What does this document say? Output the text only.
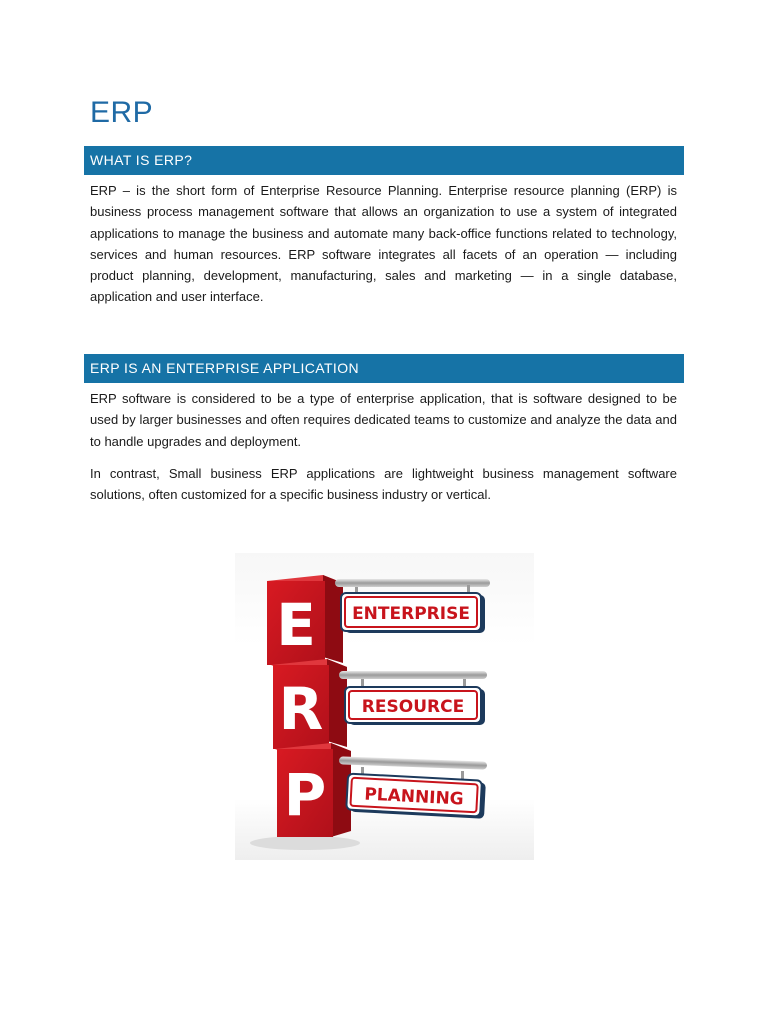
ERP
WHAT IS ERP?

ERP – is the short form of Enterprise Resource Planning. Enterprise resource planning (ERP) is business process management software that allows an organization to use a system of integrated applications to manage the business and automate many back-office functions related to technology, services and human resources. ERP software integrates all facets of an operation — including product planning, development, manufacturing, sales and marketing — in a single database, application and user interface.

ERP IS AN ENTERPRISE APPLICATION

ERP software is considered to be a type of enterprise application, that is software designed to be used by larger businesses and often requires dedicated teams to customize and analyze the data and to handle upgrades and deployment.

In contrast, Small business ERP applications are lightweight business management software solutions, often customized for a specific business industry or vertical.

E
R
P
ENTERPRISE
RESOURCE
PLANNING
